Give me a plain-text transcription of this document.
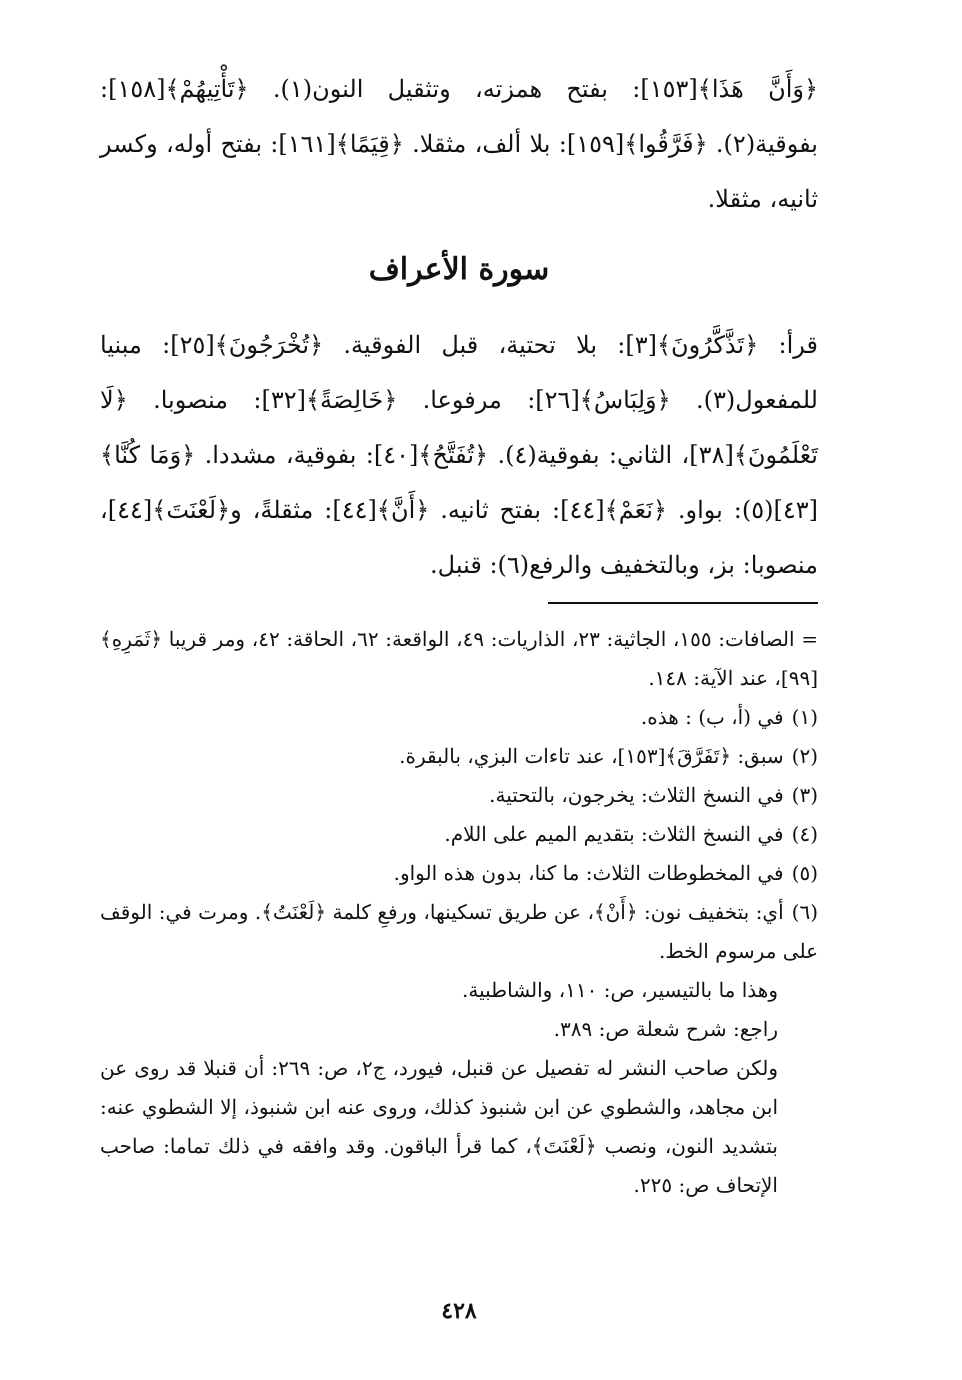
﴿وَأَنَّ هَذَا﴾[١٥٣]: بفتح همزته، وتثقيل النون(١). ﴿تَأْتِيهُمْ﴾[١٥٨]: بفوقية(٢). ﴿فَرَّقُوا﴾[١٥٩]: بلا ألف، مثقلا. ﴿قِيَمًا﴾[١٦١]: بفتح أوله، وكسر ثانيه، مثقلا.

سورة الأعراف

قرأ: ﴿تَذَّكَّرُونَ﴾[٣]: بلا تحتية، قبل الفوقية. ﴿تُخْرَجُونَ﴾[٢٥]: مبنيا للمفعول(٣). ﴿وَلِبَاسُ﴾[٢٦]: مرفوعا. ﴿خَالِصَةً﴾[٣٢]: منصوبا. ﴿لَا تَعْلَمُونَ﴾[٣٨]، الثاني: بفوقية(٤). ﴿تُفَتَّحُ﴾[٤٠]: بفوقية، مشددا. ﴿وَمَا كُنَّا﴾[٤٣](٥): بواو. ﴿نَعَمْ﴾[٤٤]: بفتح ثانيه. ﴿أَنَّ﴾[٤٤]: مثقلةً، و﴿لَعْنَتَ﴾[٤٤]، منصوبا: بز، وبالتخفيف والرفع(٦): قنبل.

= الصافات: ١٥٥، الجاثية: ٢٣، الذاريات: ٤٩، الواقعة: ٦٢، الحاقة: ٤٢، ومر قريبا ﴿ثَمَرِهِ﴾[٩٩]، عند الآية: ١٤٨.

(١)في (أ، ب) : هذه.

(٢)سبق: ﴿تَفَرَّقَ﴾[١٥٣]، عند تاءات البزي، بالبقرة.

(٣)في النسخ الثلاث: يخرجون، بالتحتية.

(٤)في النسخ الثلاث: بتقديم الميم على اللام.

(٥)في المخطوطات الثلاث: ما كنا، بدون هذه الواو.

(٦)أي: بتخفيف نون: ﴿أَنْ﴾، عن طريق تسكينها، ورفعِ كلمة ﴿لَعْنَتُ﴾. ومرت في: الوقف على مرسوم الخط.

وهذا ما بالتيسير، ص: ١١٠، والشاطبية.

راجع: شرح شعلة ص: ٣٨٩.

ولكن صاحب النشر له تفصيل عن قنبل، فيورد، ج٢، ص: ٢٦٩: أن قنبلا قد روى عن ابن مجاهد، والشطوي عن ابن شنبوذ كذلك، وروى عنه ابن شنبوذ، إلا الشطوي عنه: بتشديد النون، ونصب ﴿لَعْنَتَ﴾، كما قرأ الباقون. وقد وافقه في ذلك تماما: صاحب الإتحاف ص: ٢٢٥.

٤٢٨
